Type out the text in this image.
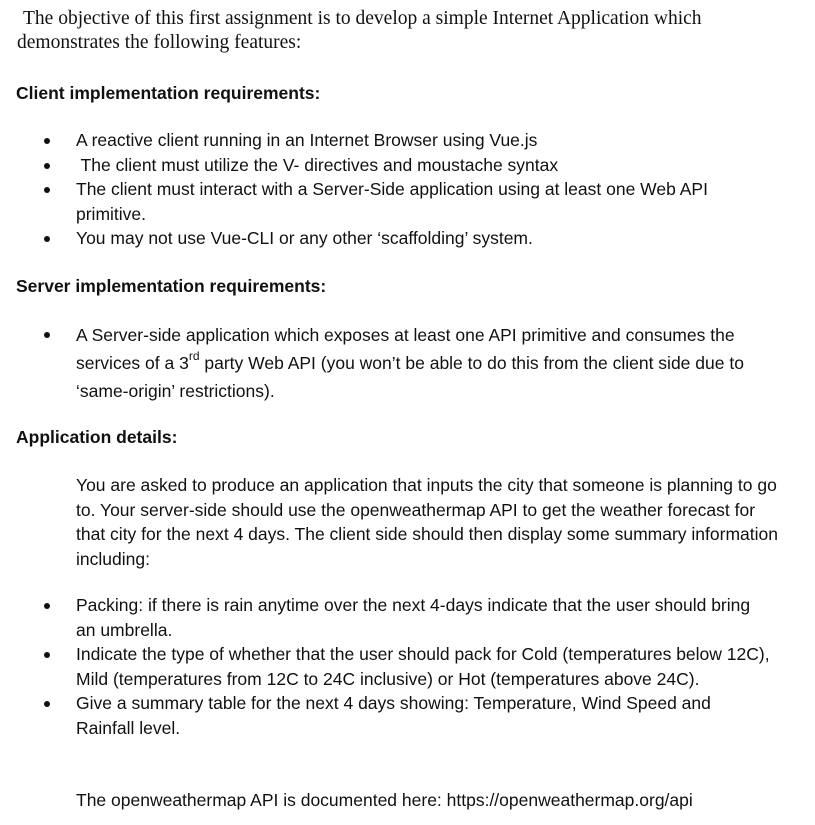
The objective of this first assignment is to develop a simple Internet Application which
demonstrates the following features:
Client implementation requirements:
A reactive client running in an Internet Browser using Vue.js
The client must utilize the V- directives and moustache syntax
The client must interact with a Server-Side application using at least one Web API primitive.
You may not use Vue-CLI or any other ‘scaffolding’ system.
Server implementation requirements:
A Server-side application which exposes at least one API primitive and consumes the services of a 3rd party Web API (you won’t be able to do this from the client side due to ‘same-origin’ restrictions).
Application details:
You are asked to produce an application that inputs the city that someone is planning to go to. Your server-side should use the openweathermap API to get the weather forecast for that city for the next 4 days. The client side should then display some summary information including:
Packing: if there is rain anytime over the next 4-days indicate that the user should bring an umbrella.
Indicate the type of whether that the user should pack for Cold (temperatures below 12C), Mild (temperatures from 12C to 24C inclusive) or Hot (temperatures above 24C).
Give a summary table for the next 4 days showing: Temperature, Wind Speed and Rainfall level.
The openweathermap API is documented here: https://openweathermap.org/api
